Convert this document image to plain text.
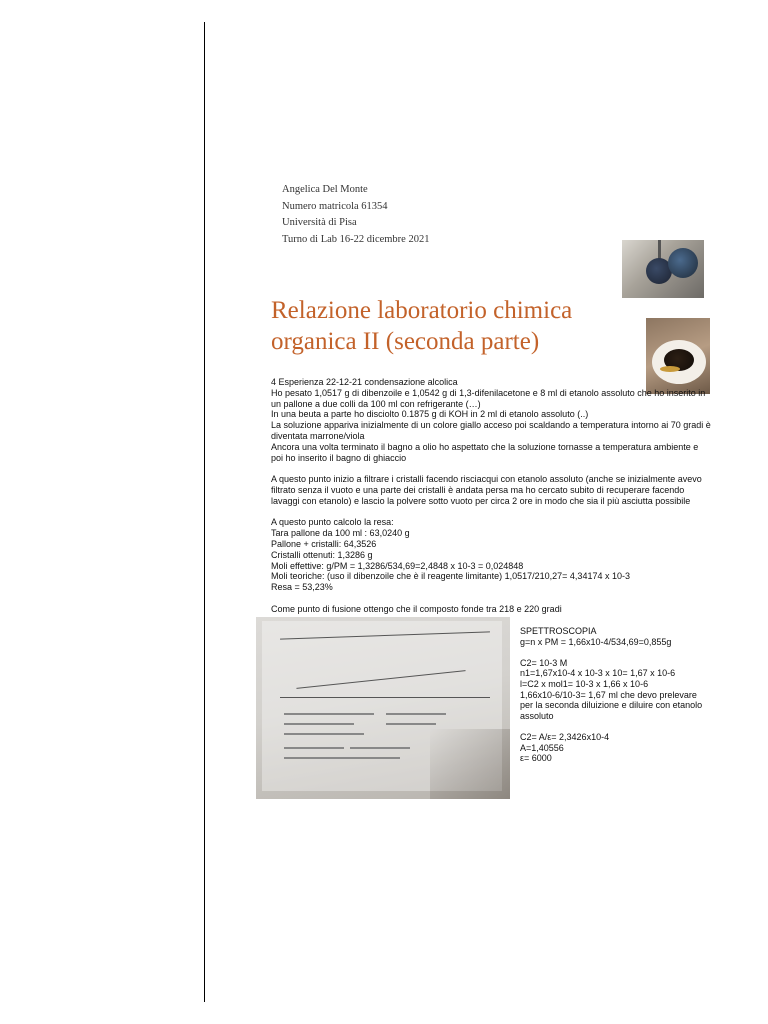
Angelica Del Monte
Numero matricola 61354
Università di Pisa
Turno di Lab 16-22 dicembre 2021
Relazione laboratorio chimica organica II (seconda parte)

4 Esperienza 22-12-21 condensazione alcolica
Ho pesato 1,0517 g di dibenzoile e 1,0542 g di 1,3-difenilacetone e 8 ml di etanolo assoluto che ho inserito in un pallone a due colli da 100 ml con refrigerante (…)
In una beuta a parte ho disciolto 0.1875 g di KOH in 2 ml di etanolo assoluto (..)
La soluzione appariva inizialmente di un colore giallo acceso poi scaldando a temperatura intorno ai 70 gradi è diventata marrone/viola
Ancora una volta terminato il bagno a olio ho aspettato che la soluzione tornasse a temperatura ambiente e poi ho inserito il bagno di ghiaccio

A questo punto inizio a filtrare i cristalli facendo risciacqui con etanolo assoluto (anche se inizialmente avevo filtrato senza il vuoto e una parte dei cristalli è andata persa ma ho cercato subito di recuperare facendo lavaggi con etanolo) e lascio la polvere sotto vuoto per circa 2 ore in modo che sia il più asciutta possibile

A questo punto calcolo la resa:
Tara pallone da 100 ml : 63,0240 g
Pallone + cristalli: 64,3526
Cristalli ottenuti: 1,3286 g
Moli effettive: g/PM = 1,3286/534,69=2,4848 x 10-3 = 0,024848
Moli teoriche: (uso il dibenzoile che è il reagente limitante) 1,0517/210,27= 4,34174 x 10-3
Resa = 53,23%

Come punto di fusione ottengo che il composto fonde tra 218 e 220 gradi

SPETTROSCOPIA
g=n x PM = 1,66x10-4/534,69=0,855g

C2= 10-3 M
n1=1,67x10-4 x 10-3 x 10= 1,67 x 10-6
l=C2 x mol1= 10-3 x 1,66 x 10-6
1,66x10-6/10-3= 1,67 ml che devo prelevare per la seconda diluizione e diluire con etanolo assoluto

C2= A/ε= 2,3426x10-4
A=1,40556
ε= 6000
